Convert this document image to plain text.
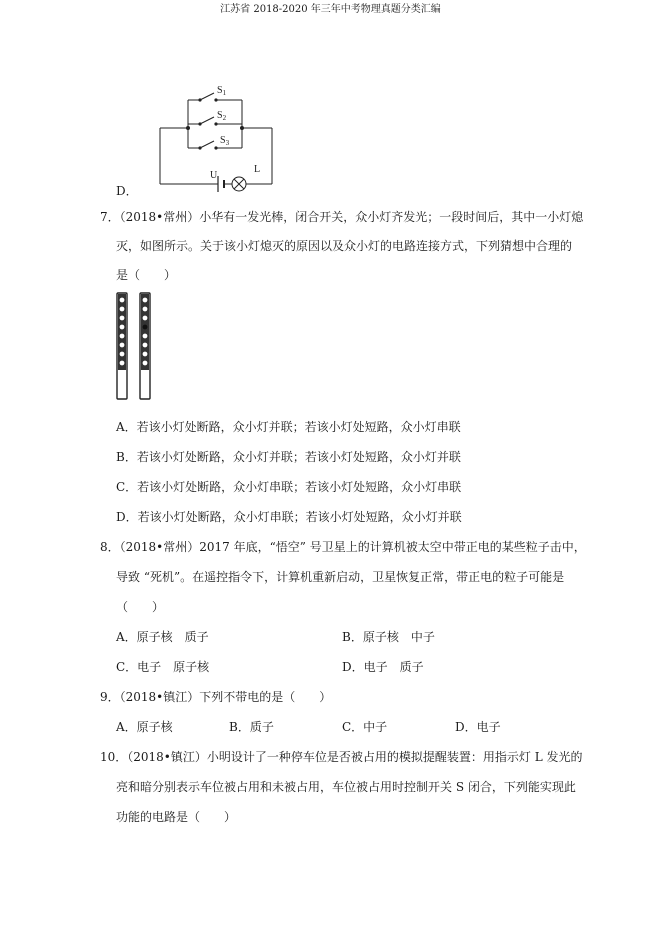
江苏省 2018-2020 年三年中考物理真题分类汇编
D．
$S_1$
$S_2$
$S_3$
U
L
7．（2018•常州）小华有一发光棒，闭合开关，众小灯齐发光；一段时间后，其中一小灯熄
灭，如图所示。关于该小灯熄灭的原因以及众小灯的电路连接方式，下列猜想中合理的
是（　　）
A．若该小灯处断路，众小灯并联；若该小灯处短路，众小灯串联
B．若该小灯处断路，众小灯并联；若该小灯处短路，众小灯并联
C．若该小灯处断路，众小灯串联；若该小灯处短路，众小灯串联
D．若该小灯处断路，众小灯串联；若该小灯处短路，众小灯并联
8．（2018•常州）2017 年底，“悟空” 号卫星上的计算机被太空中带正电的某些粒子击中，
导致 “死机”。在遥控指令下，计算机重新启动，卫星恢复正常，带正电的粒子可能是
（　　）
A．原子核　质子	B．原子核　中子
C．电子　原子核	D．电子　质子
9．（2018•镇江）下列不带电的是（　　）
A．原子核	B．质子	C．中子	D．电子
10．（2018•镇江）小明设计了一种停车位是否被占用的模拟提醒装置：用指示灯 L 发光的
亮和暗分别表示车位被占用和未被占用，车位被占用时控制开关 S 闭合，下列能实现此
功能的电路是（　　）
